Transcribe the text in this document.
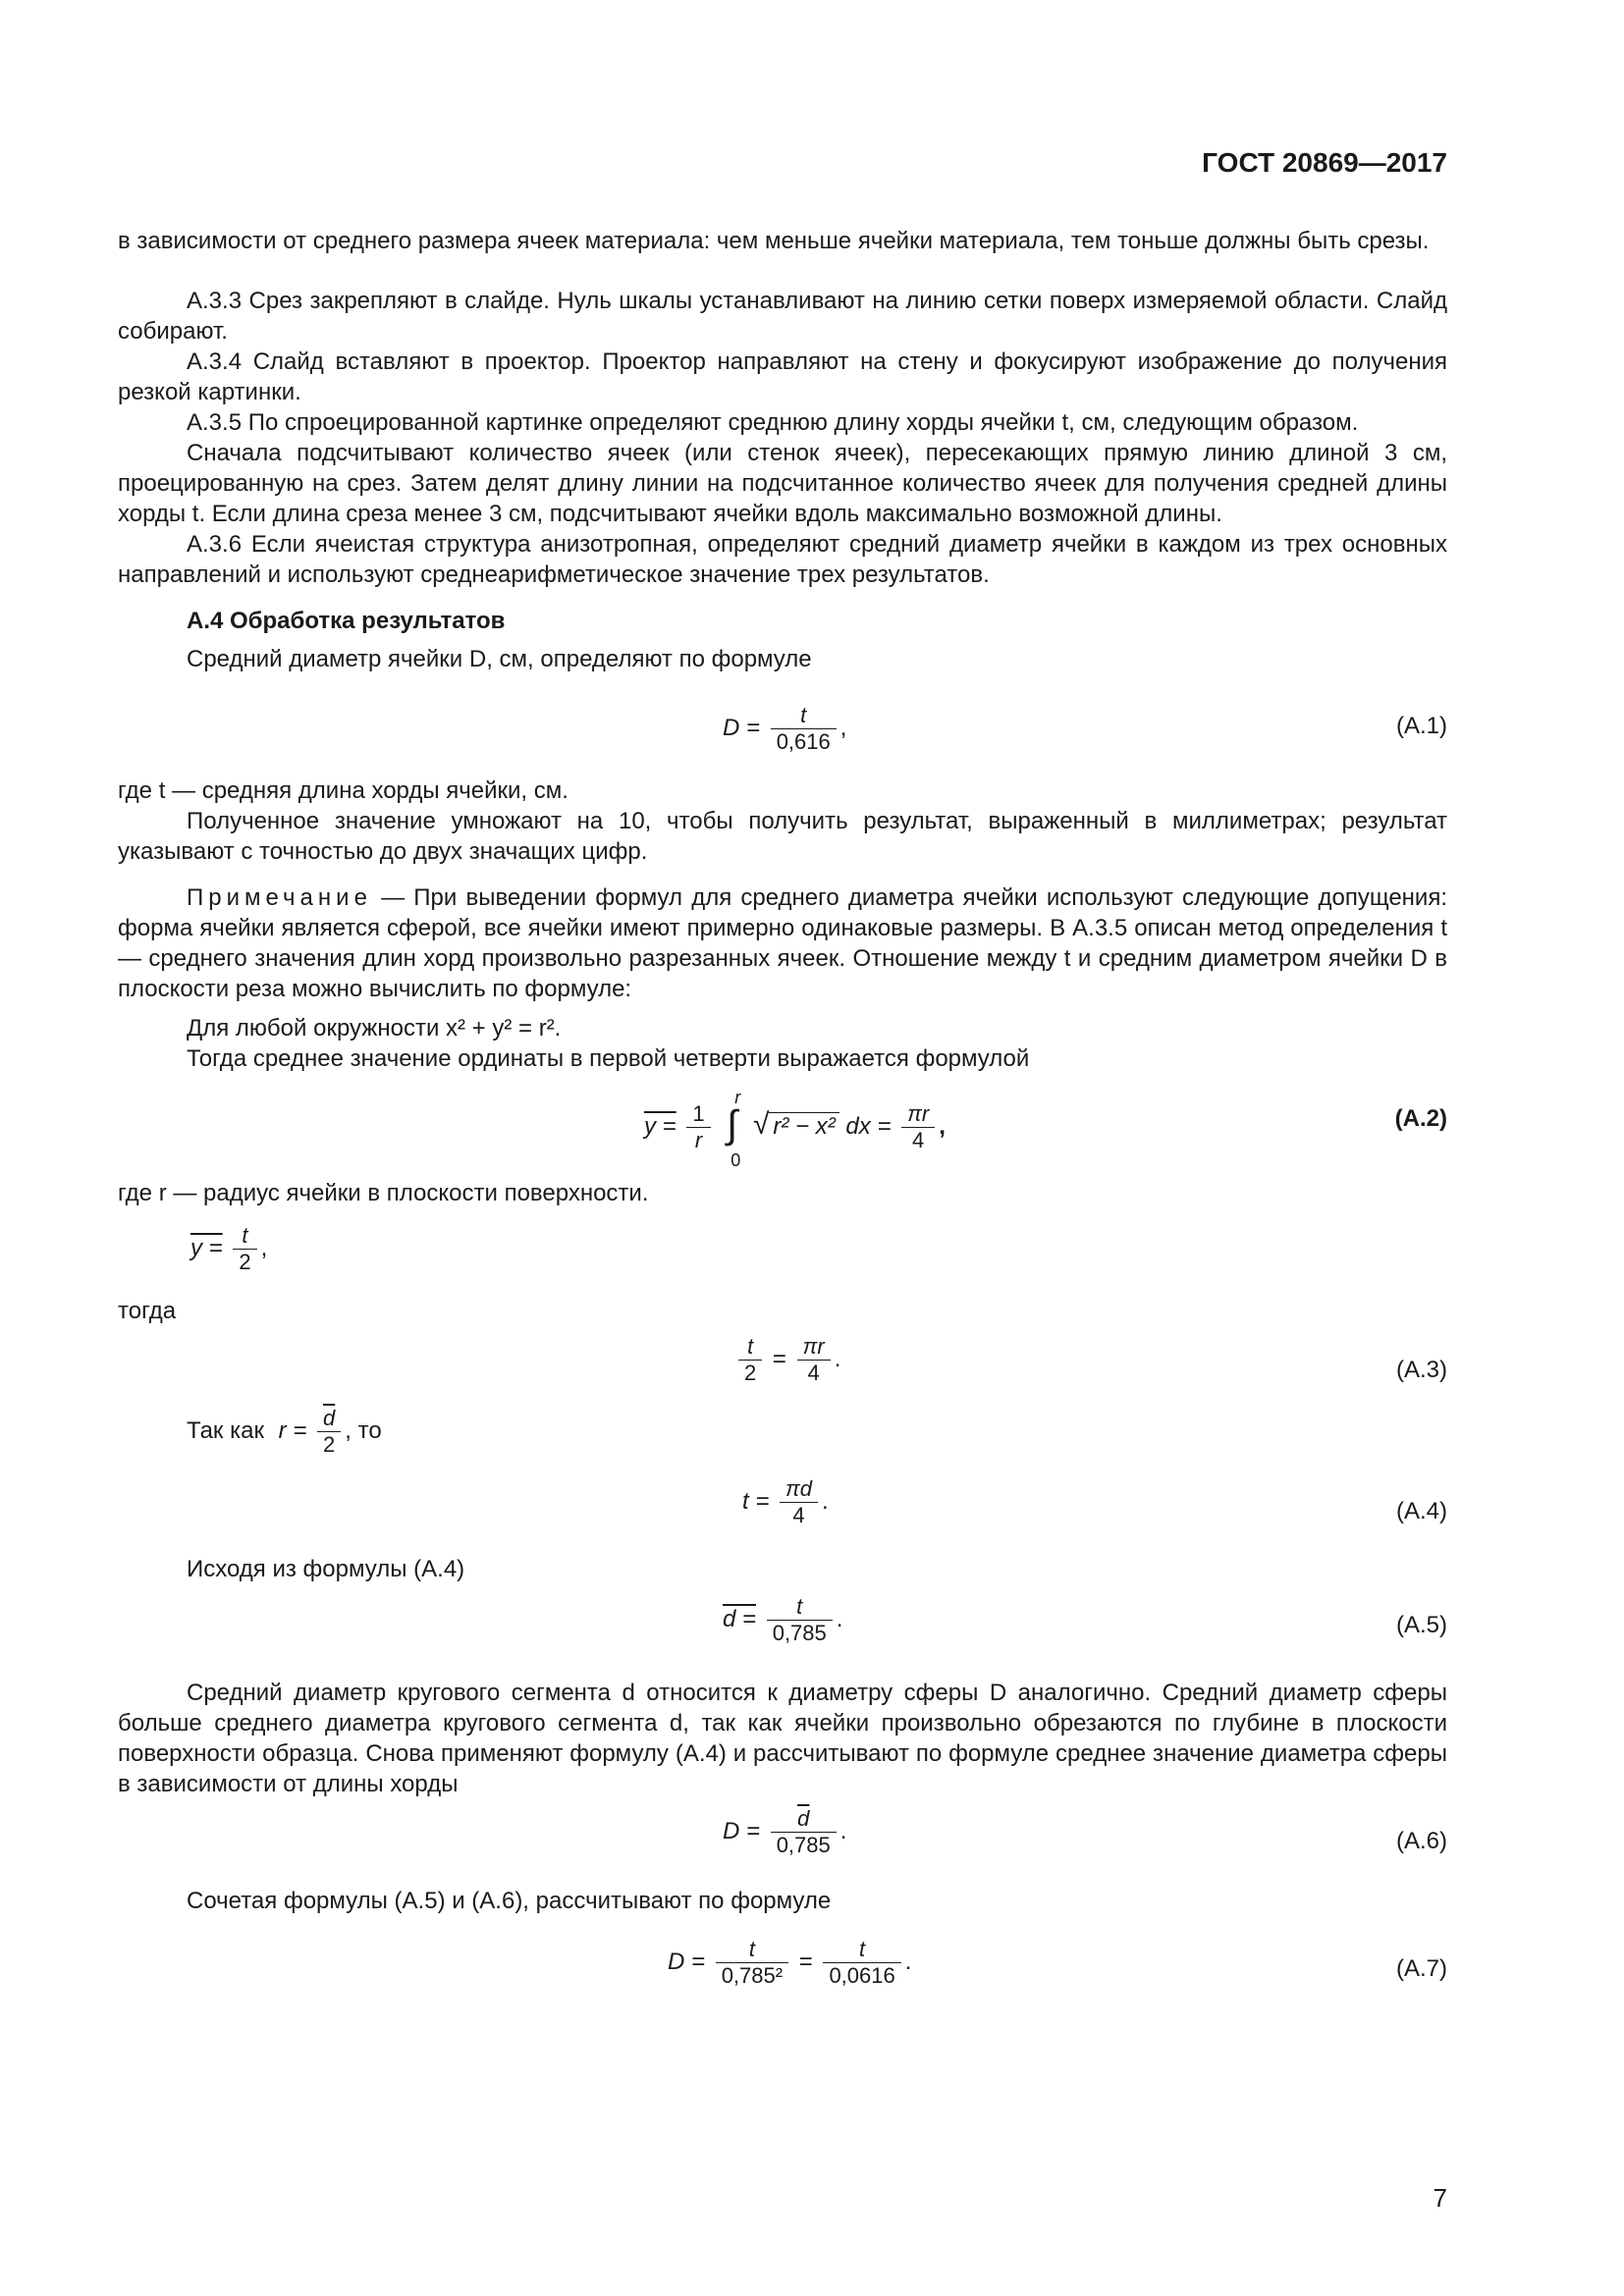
ГОСТ 20869—2017
в зависимости от среднего размера ячеек материала: чем меньше ячейки материала, тем тоньше должны быть срезы.
А.3.3 Срез закрепляют в слайде. Нуль шкалы устанавливают на линию сетки поверх измеряемой области. Слайд собирают.
А.3.4 Слайд вставляют в проектор. Проектор направляют на стену и фокусируют изображение до получения резкой картинки.
А.3.5 По спроецированной картинке определяют среднюю длину хорды ячейки t, см, следующим образом.
Сначала подсчитывают количество ячеек (или стенок ячеек), пересекающих прямую линию длиной 3 см, проецированную на срез. Затем делят длину линии на подсчитанное количество ячеек для получения средней длины хорды t. Если длина среза менее 3 см, подсчитывают ячейки вдоль максимально возможной длины.
А.3.6 Если ячеистая структура анизотропная, определяют средний диаметр ячейки в каждом из трех основных направлений и используют среднеарифметическое значение трех результатов.
А.4 Обработка результатов
Средний диаметр ячейки D, см, определяют по формуле
$D = \frac{t}{0,616}$ ,	(А.1)
где t — средняя длина хорды ячейки, см.
Полученное значение умножают на 10, чтобы получить результат, выраженный в миллиметрах; результат указывают с точностью до двух значащих цифр.
Примечание — При выведении формул для среднего диаметра ячейки используют следующие допущения: форма ячейки является сферой, все ячейки имеют примерно одинаковые размеры. В А.3.5 описан метод определения t — среднего значения длин хорд произвольно разрезанных ячеек. Отношение между t и средним диаметром ячейки D в плоскости реза можно вычислить по формуле:
Для любой окружности x² + y² = r².
Тогда среднее значение ординаты в первой четверти выражается формулой
$y = \frac{1}{r}$
∫
r
0
√ r² − x² dx = $\frac{\pi r}{4}$ ,	(А.2)
где r — радиус ячейки в плоскости поверхности.
$y = \frac{t}{2}$ ,
тогда
$\frac{t}{2} = \frac{\pi r}{4}$ .	(А.3)
Так как $r = \frac{\overline{d}}{2}$ , то
$t = \frac{\pi d}{4}$ .	(А.4)
Исходя из формулы (А.4)
$d = \frac{t}{0,785}$ .	(А.5)
Средний диаметр кругового сегмента d относится к диаметру сферы D аналогично. Средний диаметр сферы больше среднего диаметра кругового сегмента d, так как ячейки произвольно обрезаются по глубине в плоскости поверхности образца. Снова применяют формулу (А.4) и рассчитывают по формуле среднее значение диаметра сферы в зависимости от длины хорды
$D = \frac{\overline{d}}{0,785}$ .	(А.6)
Сочетая формулы (А.5) и (А.6), рассчитывают по формуле
$D = \frac{t}{\text{0,785²}} = \frac{t}{0,0616}$ .	(А.7)
7
